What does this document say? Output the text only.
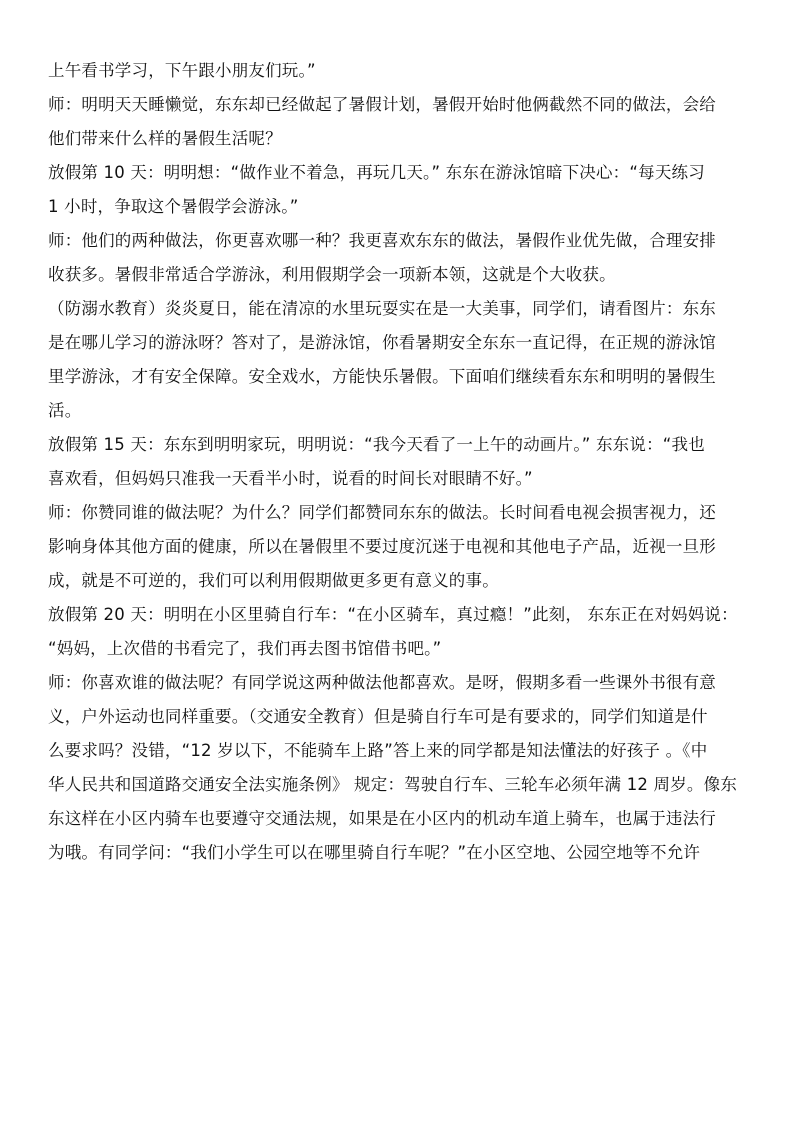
上午看书学习，下午跟小朋友们玩。”
师：明明天天睡懒觉，东东却已经做起了暑假计划，暑假开始时他俩截然不同的做法，会给
他们带来什么样的暑假生活呢？
放假第 10 天：明明想：“做作业不着急，再玩几天。” 东东在游泳馆暗下决心：“每天练习
1 小时，争取这个暑假学会游泳。”
师：他们的两种做法，你更喜欢哪一种？我更喜欢东东的做法，暑假作业优先做，合理安排
收获多。暑假非常适合学游泳，利用假期学会一项新本领，这就是个大收获。
（防溺水教育）炎炎夏日，能在清凉的水里玩耍实在是一大美事，同学们，请看图片：东东
是在哪儿学习的游泳呀？答对了，是游泳馆，你看暑期安全东东一直记得，在正规的游泳馆
里学游泳，才有安全保障。安全戏水，方能快乐暑假。下面咱们继续看东东和明明的暑假生
活。
放假第 15 天：东东到明明家玩，明明说：“我今天看了一上午的动画片。” 东东说：“我也
喜欢看，但妈妈只准我一天看半小时，说看的时间长对眼睛不好。”
师：你赞同谁的做法呢？为什么？同学们都赞同东东的做法。长时间看电视会损害视力，还
影响身体其他方面的健康，所以在暑假里不要过度沉迷于电视和其他电子产品，近视一旦形
成，就是不可逆的，我们可以利用假期做更多更有意义的事。
放假第 20 天：明明在小区里骑自行车：“在小区骑车，真过瘾！”此刻， 东东正在对妈妈说：
“妈妈，上次借的书看完了，我们再去图书馆借书吧。”
师：你喜欢谁的做法呢？有同学说这两种做法他都喜欢。是呀，假期多看一些课外书很有意
义，户外运动也同样重要。（交通安全教育）但是骑自行车可是有要求的，同学们知道是什
么要求吗？没错，“12 岁以下，不能骑车上路”答上来的同学都是知法懂法的好孩子 。《中
华人民共和国道路交通安全法实施条例》 规定：驾驶自行车、三轮车必须年满 12 周岁。像东
东这样在小区内骑车也要遵守交通法规，如果是在小区内的机动车道上骑车，也属于违法行
为哦。有同学问：“我们小学生可以在哪里骑自行车呢？”在小区空地、公园空地等不允许
